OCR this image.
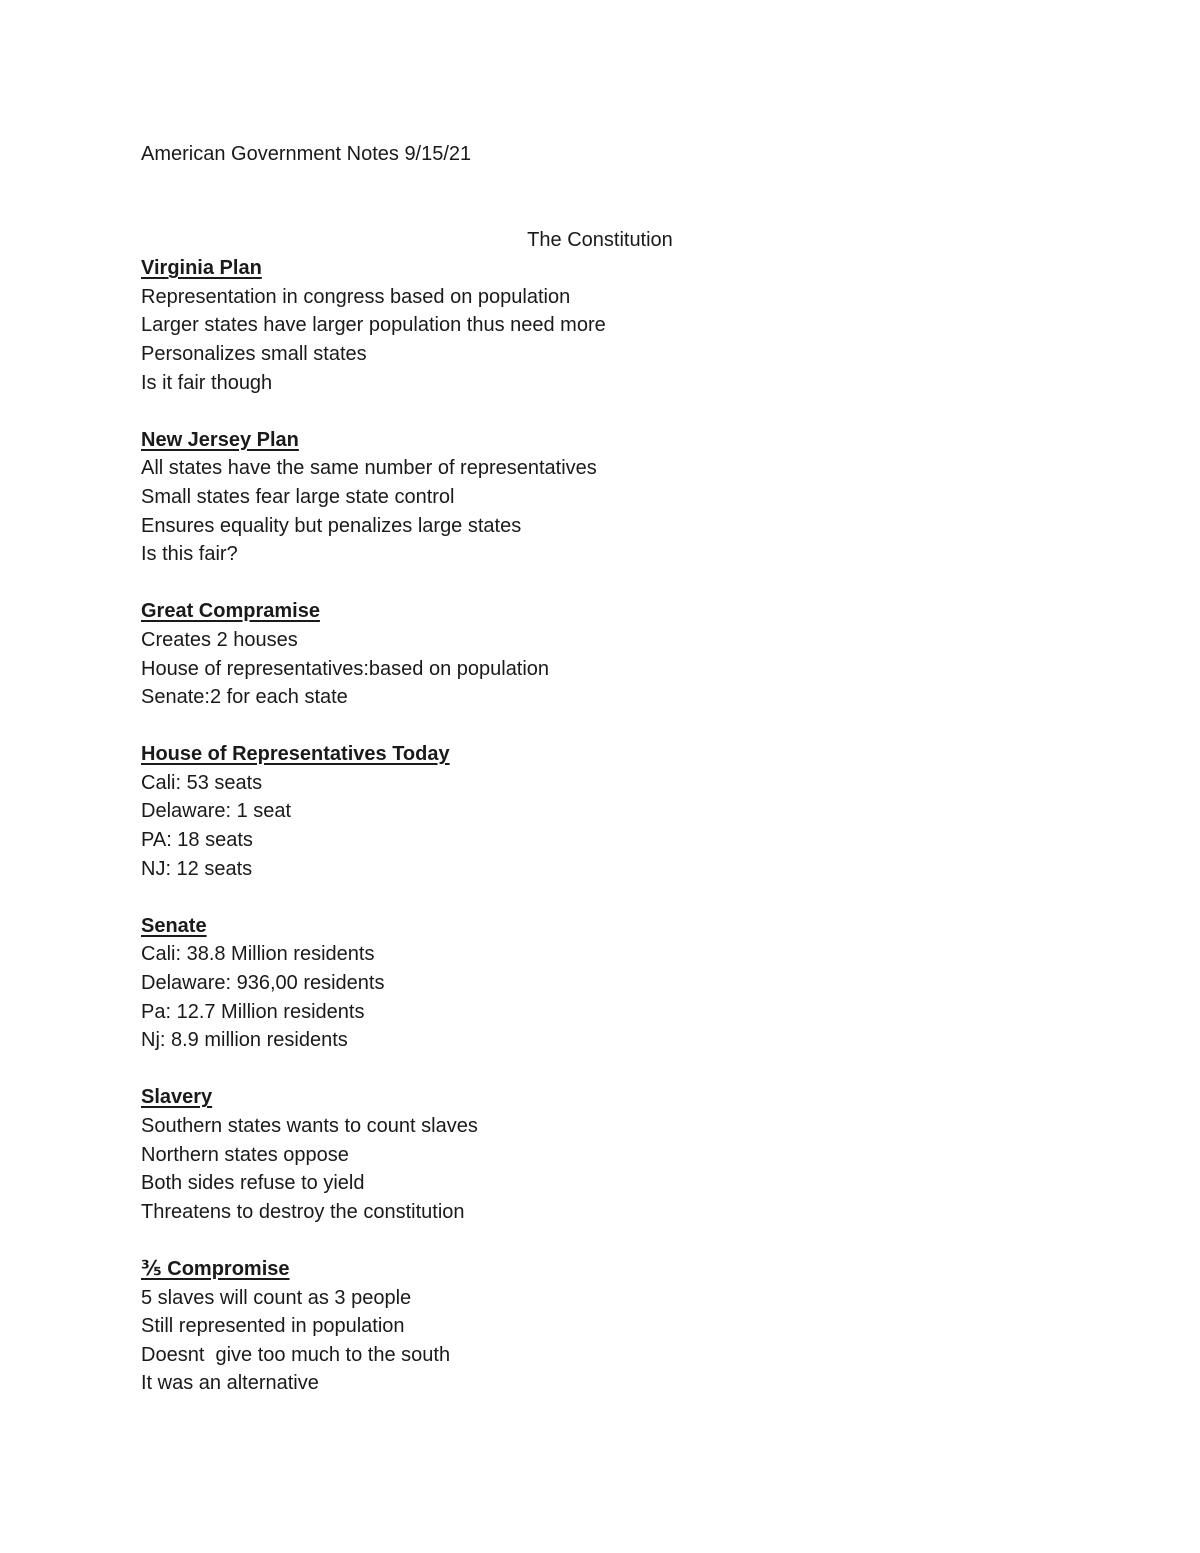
American Government Notes 9/15/21

The Constitution

Virginia Plan

Representation in congress based on population

Larger states have larger population thus need more

Personalizes small states

Is it fair though

New Jersey Plan

All states have the same number of representatives

Small states fear large state control

Ensures equality but penalizes large states

Is this fair?

Great Compramise

Creates 2 houses

House of representatives:based on population

Senate:2 for each state

House of Representatives Today

Cali: 53 seats

Delaware: 1 seat

PA: 18 seats

NJ: 12 seats

Senate

Cali: 38.8 Million residents

Delaware: 936,00 residents

Pa: 12.7 Million residents

Nj: 8.9 million residents

Slavery

Southern states wants to count slaves

Northern states oppose

Both sides refuse to yield

Threatens to destroy the constitution

⅗ Compromise

5 slaves will count as 3 people

Still represented in population

Doesnt  give too much to the south

It was an alternative
